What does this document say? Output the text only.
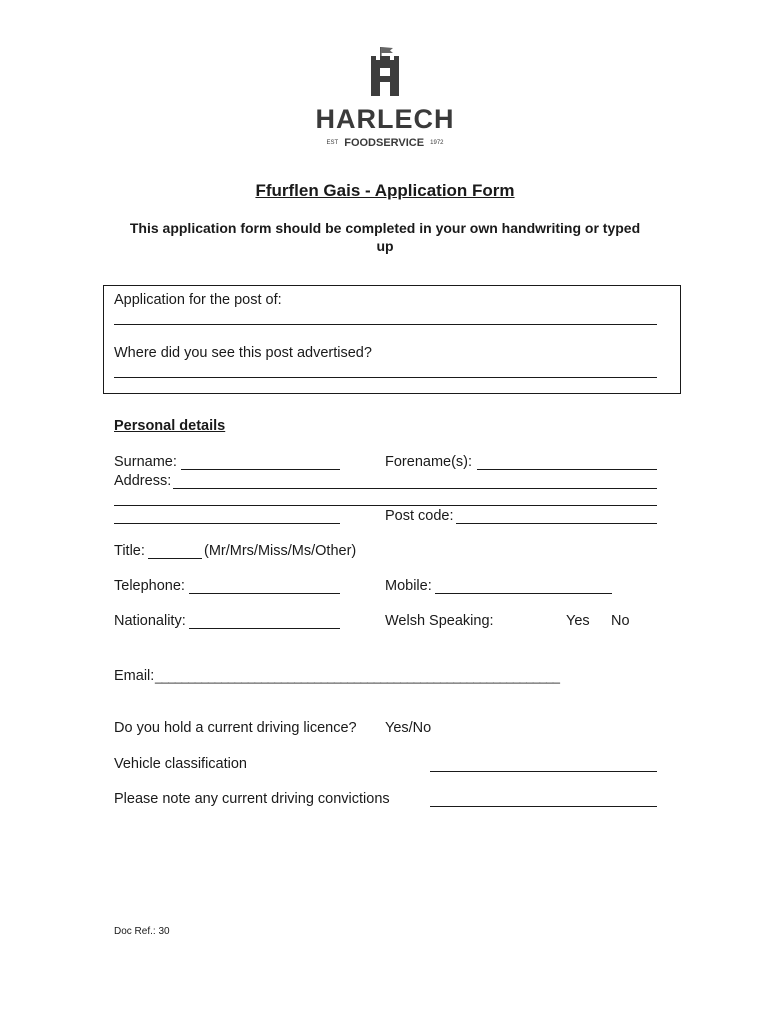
HARLECH
EST FOODSERVICE 1972
Ffurflen Gais - Application Form
This application form should be completed in your own handwriting or typed up
Application for the post of:
Where did you see this post advertised?
Personal details
Surname:	Forename(s):
Address:
Post code:
Title:	(Mr/Mrs/Miss/Ms/Other)
Telephone:	Mobile:
Nationality:	Welsh Speaking:	Yes No
Email: _____________________________________________________________
Do you hold a current driving licence? Yes/No
Vehicle classification
Please note any current driving convictions
Doc Ref.: 30
